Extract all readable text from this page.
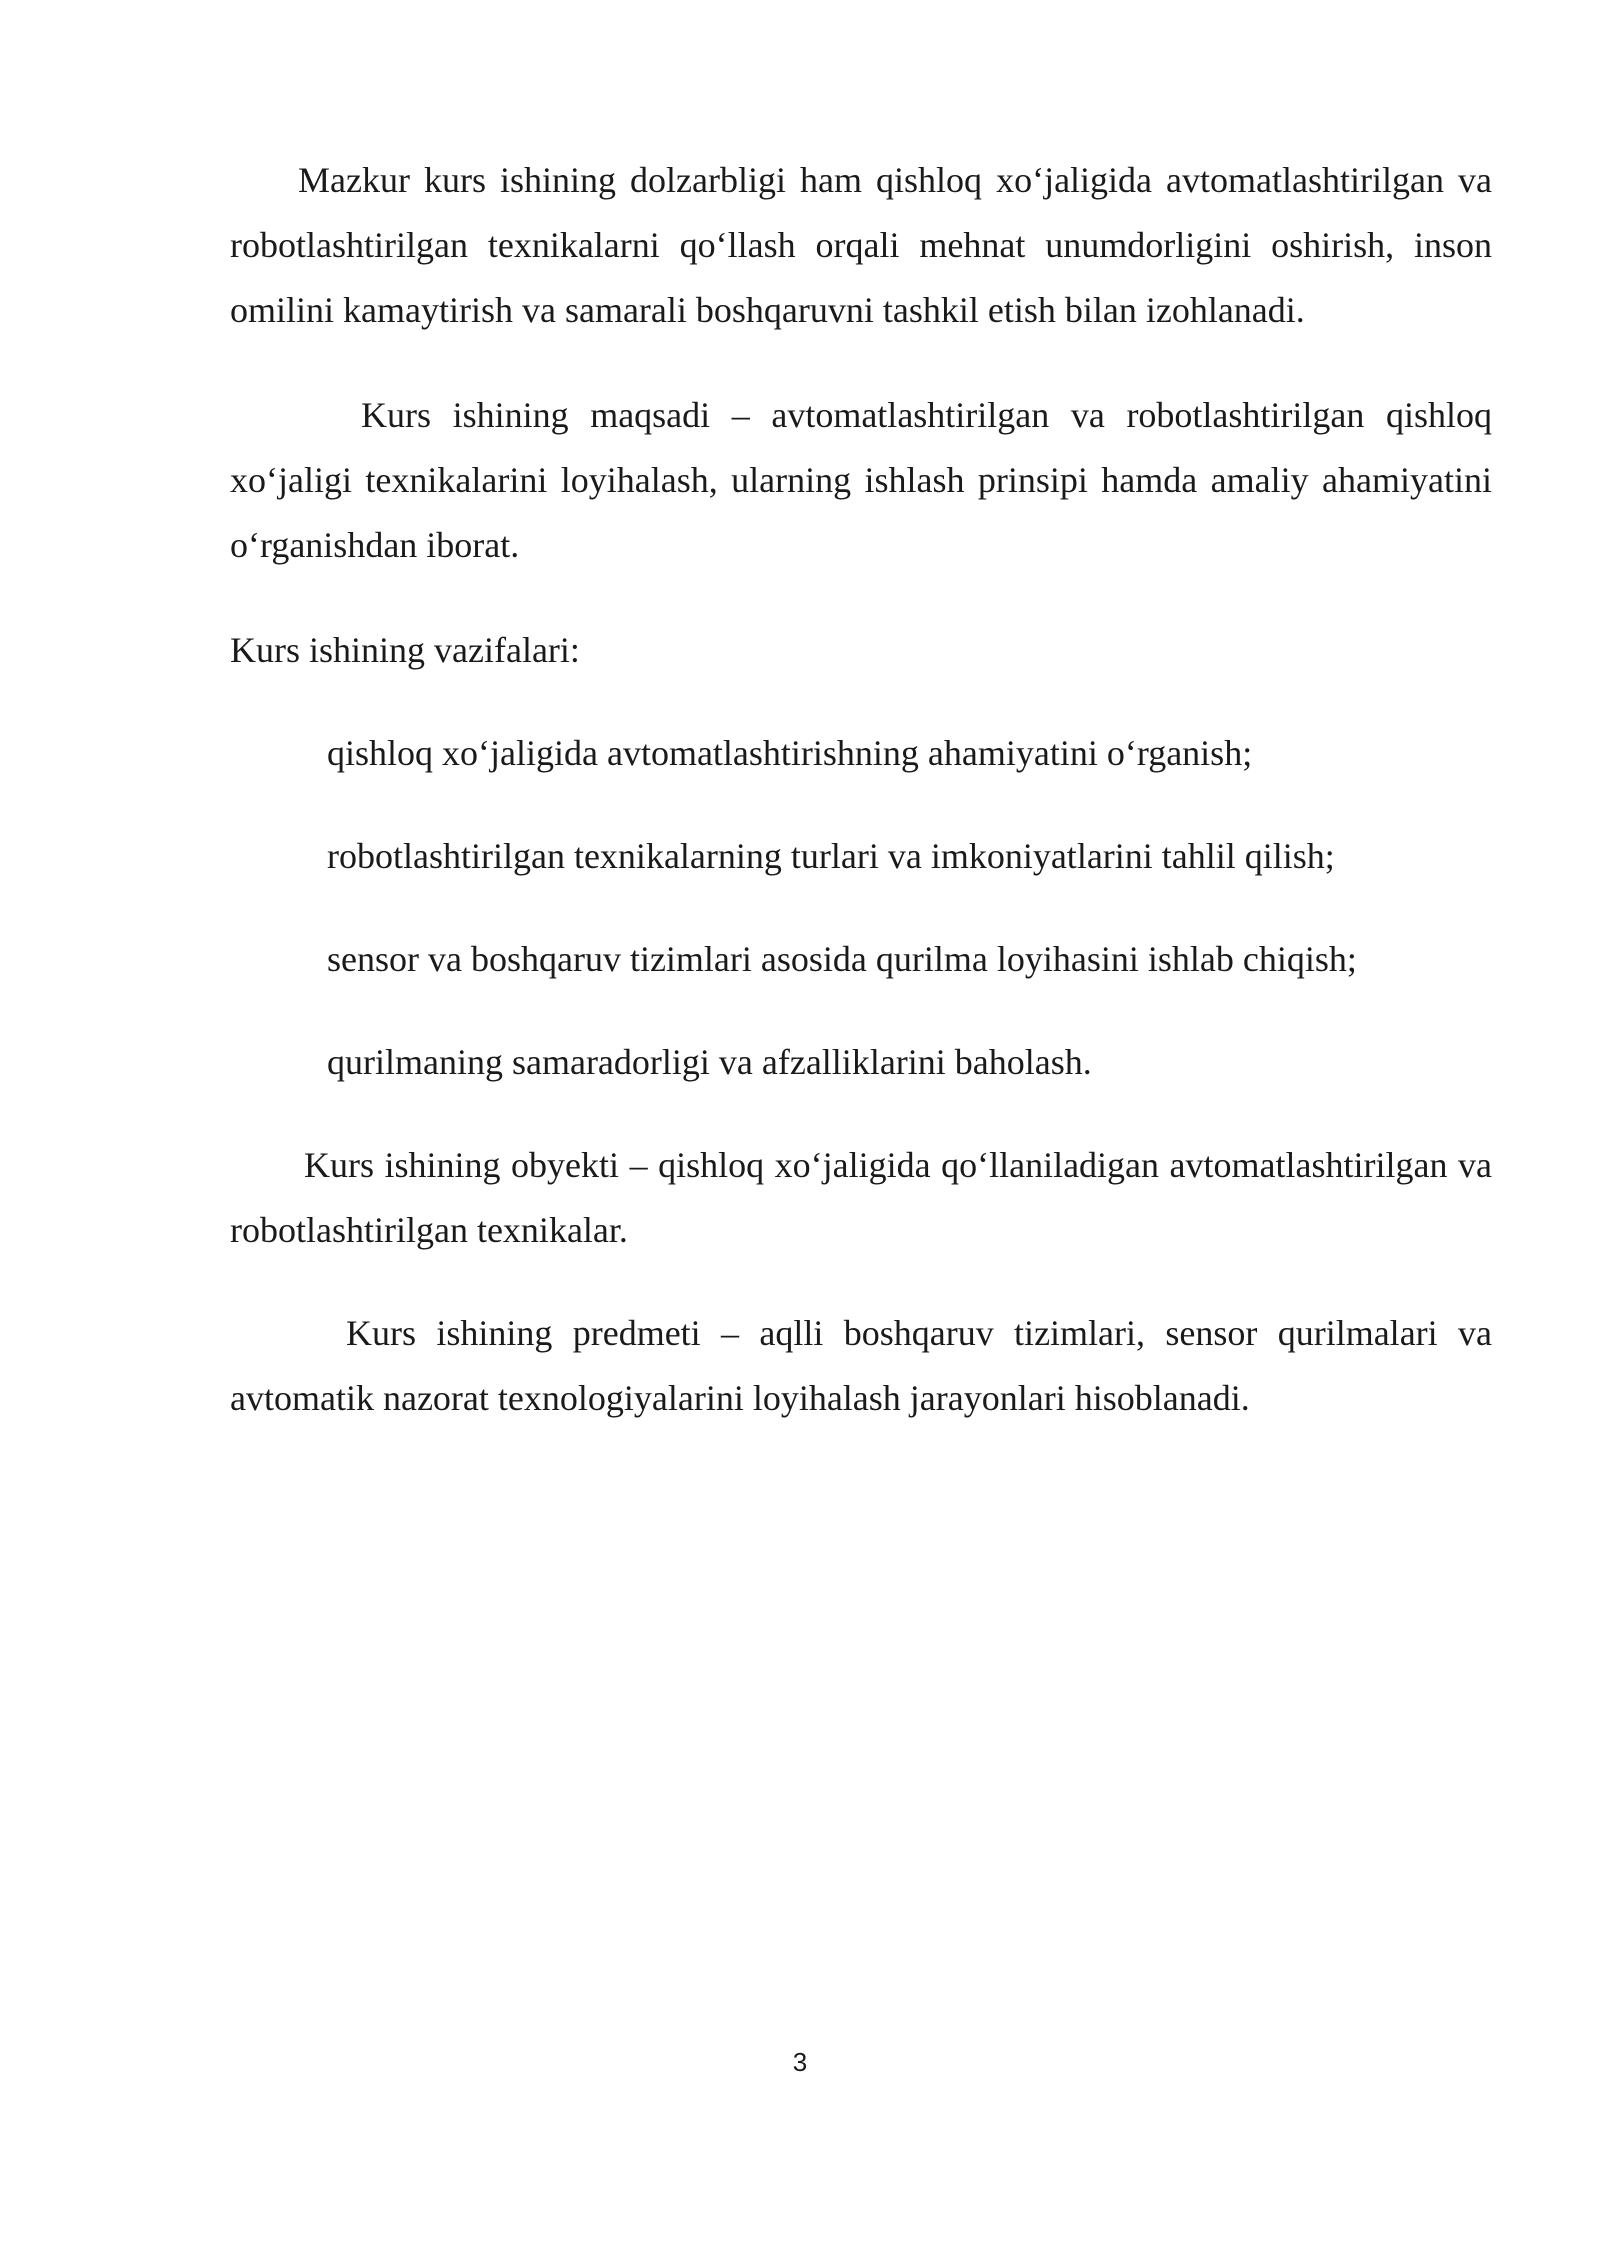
Mazkur kurs ishining dolzarbligi ham qishloq xo‘jaligida avtomatlashtirilgan va robotlashtirilgan texnikalarni qo‘llash orqali mehnat unumdorligini oshirish, inson omilini kamaytirish va samarali boshqaruvni tashkil etish bilan izohlanadi.

Kurs ishining maqsadi – avtomatlashtirilgan va robotlashtirilgan qishloq xo‘jaligi texnikalarini loyihalash, ularning ishlash prinsipi hamda amaliy ahamiyatini o‘rganishdan iborat.

Kurs ishining vazifalari:

qishloq xo‘jaligida avtomatlashtirishning ahamiyatini o‘rganish;
robotlashtirilgan texnikalarning turlari va imkoniyatlarini tahlil qilish;
sensor va boshqaruv tizimlari asosida qurilma loyihasini ishlab chiqish;
qurilmaning samaradorligi va afzalliklarini baholash.

Kurs ishining obyekti – qishloq xo‘jaligida qo‘llaniladigan avtomatlashtirilgan va robotlashtirilgan texnikalar.

Kurs ishining predmeti – aqlli boshqaruv tizimlari, sensor qurilmalari va avtomatik nazorat texnologiyalarini loyihalash jarayonlari hisoblanadi.

3
